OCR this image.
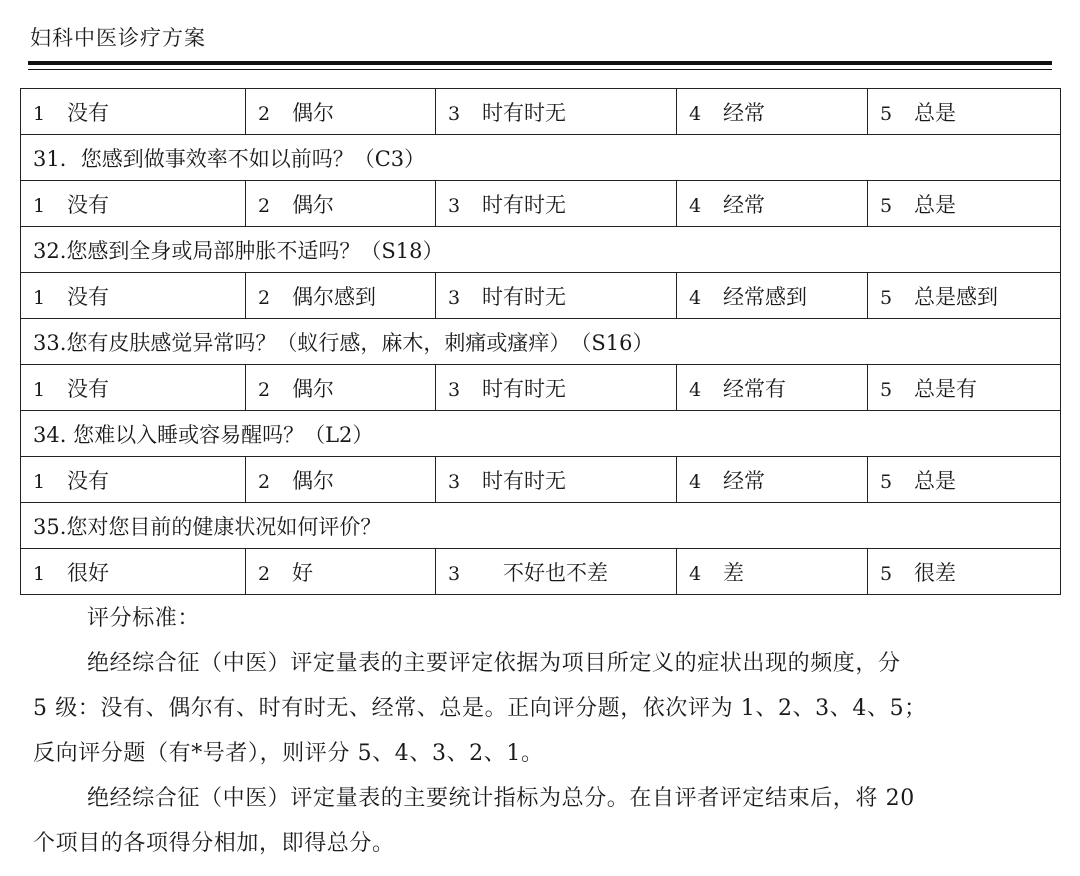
妇科中医诊疗方案
1 没有	2 偶尔	3 时有时无	4 经常	5 总是
31．您感到做事效率不如以前吗？（C3）				
1 没有	2 偶尔	3 时有时无	4 经常	5 总是
32.您感到全身或局部肿胀不适吗？（S18）				
1 没有	2 偶尔感到	3 时有时无	4 经常感到	5 总是感到
33.您有皮肤感觉异常吗？（蚁行感，麻木，刺痛或瘙痒）　（S16）				
1 没有	2 偶尔	3 时有时无	4 经常有	5 总是有
34. 您难以入睡或容易醒吗？（L2）				
1 没有	2 偶尔	3 时有时无	4 经常	5 总是
35.您对您目前的健康状况如何评价？				
1 很好	2 好	3　不好也不差	4 差	5 很差

评分标准：

绝经综合征（中医）评定量表的主要评定依据为项目所定义的症状出现的频度，分

5 级：没有、偶尔有、时有时无、经常、总是。正向评分题，依次评为 1、2、3、4、5；

反向评分题（有*号者），则评分 5、4、3、2、1。

绝经综合征（中医）评定量表的主要统计指标为总分。在自评者评定结束后，将 20

个项目的各项得分相加，即得总分。
